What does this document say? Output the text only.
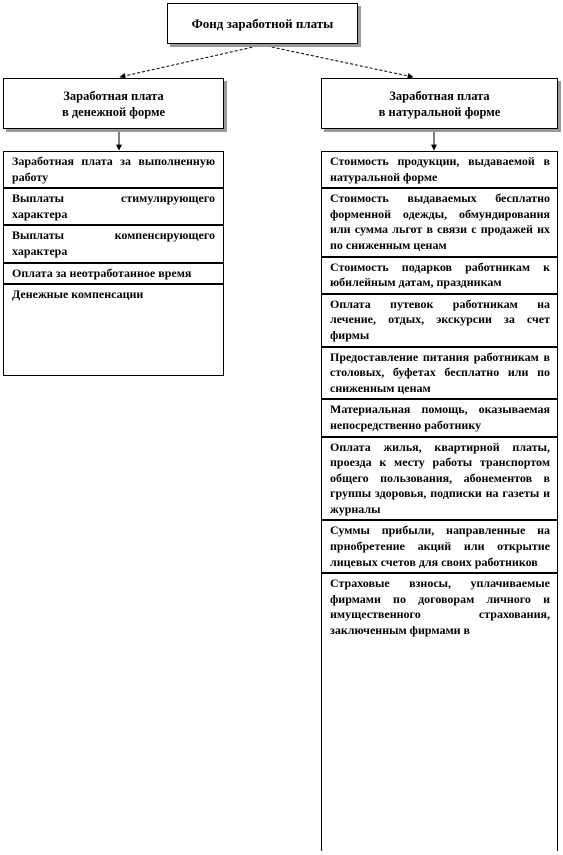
Фонд заработной платы
Заработная плата
в денежной форме
Заработная плата
в натуральной форме
Заработная плата за выполненную работу
Выплаты стимулирующего характера
Выплаты компенсирующего характера
Оплата за неотработанное время
Денежные компенсации
Стоимость продукции, выдаваемой в натуральной форме
Стоимость выдаваемых бесплатно форменной одежды, обмундирования или сумма льгот в связи с продажей их по сниженным ценам
Стоимость подарков работникам к юбилейным датам, праздникам
Оплата путевок работникам на лечение, отдых, экскурсии за счет фирмы
Предоставление питания работникам в столовых, буфетах бесплатно или по сниженным ценам
Материальная помощь, оказываемая непосредственно работнику
Оплата жилья, квартирной платы, проезда к месту работы транспортом общего пользования, абонементов в группы здоровья, подписки на газеты и журналы
Суммы прибыли, направленные на приобретение акций или открытие лицевых счетов для своих работников
Страховые взносы, уплачиваемые фирмами по договорам личного и имущественного страхования, заключенным фирмами в
